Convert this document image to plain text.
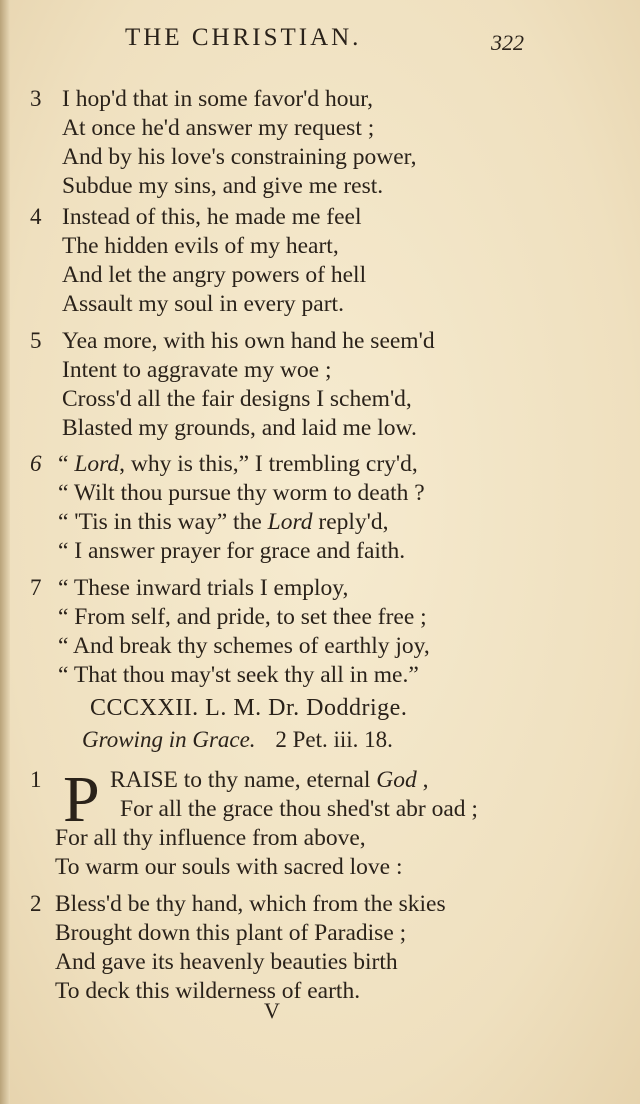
THE CHRISTIAN.	322
3 I hop'd that in some favor'd hour,
At once he'd answer my request ;
And by his love's constraining power,
Subdue my sins, and give me rest.
4 Instead of this, he made me feel
The hidden evils of my heart,
And let the angry powers of hell
Assault my soul in every part.
5 Yea more, with his own hand he seem'd
Intent to aggravate my woe ;
Cross'd all the fair designs I schem'd,
Blasted my grounds, and laid me low.
6 “ Lord, why is this,” I trembling cry'd,
“ Wilt thou pursue thy worm to death ?
“ 'Tis in this way” the Lord reply'd,
“ I answer prayer for grace and faith.
7 “ These inward trials I employ,
“ From self, and pride, to set thee free ;
“ And break thy schemes of earthly joy,
“ That thou may'st seek thy all in me.”
CCCXXII. L. M. Dr. Doddrige.
Growing in Grace. 2 Pet. iii. 18.
1 P RAISE to thy name, eternal God ,
For all the grace thou shed'st abr oad ;
For all thy influence from above,
To warm our souls with sacred love :
2 Bless'd be thy hand, which from the skies
Brought down this plant of Paradise ;
And gave its heavenly beauties birth
To deck this wilderness of earth.
V
